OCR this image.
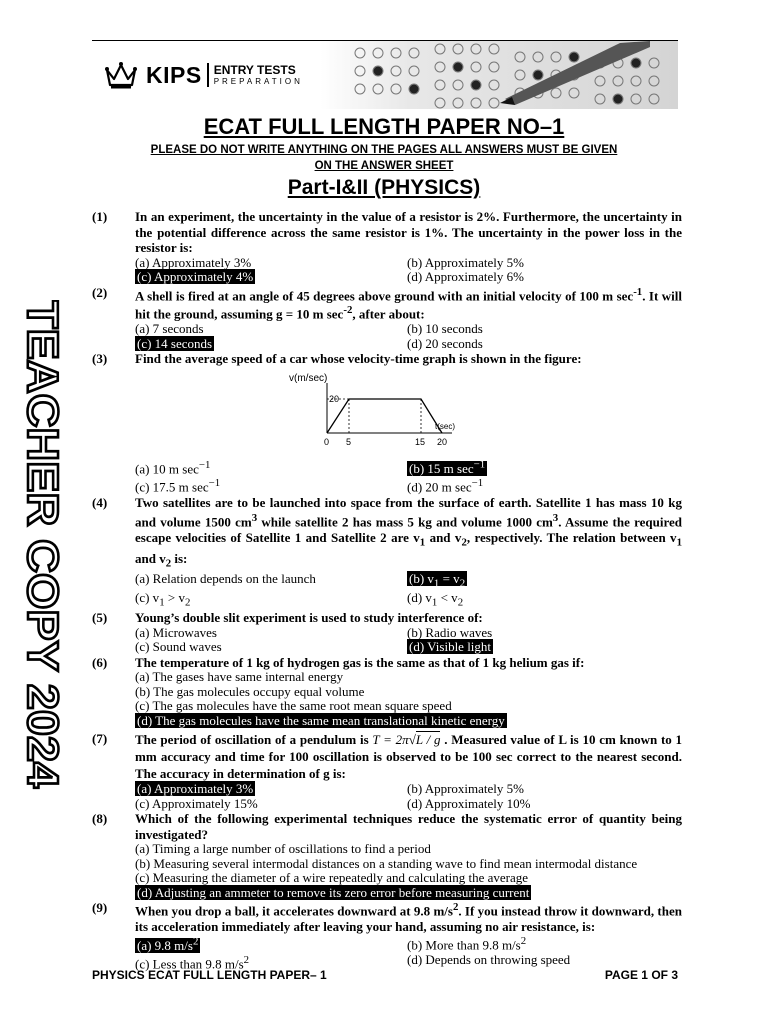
KIPS ENTRY TESTS
PREPARATION
ECAT FULL LENGTH PAPER NO–1
PLEASE DO NOT WRITE ANYTHING ON THE PAGES ALL ANSWERS MUST BE GIVEN
ON THE ANSWER SHEET
Part-I&II (PHYSICS)
TEACHER COPY 2024
(1) In an experiment, the uncertainty in the value of a resistor is 2%. Furthermore, the uncertainty in the potential difference across the same resistor is 1%. The uncertainty in the power loss in the resistor is:
(a) Approximately 3%	(b) Approximately 5%
(c) Approximately 4%	(d) Approximately 6%
(2) A shell is fired at an angle of 45 degrees above ground with an initial velocity of 100 m $\sec^{-1}$. It will hit the ground, assuming g = 10 m $\sec^{-2}$, after about:
(a) 7 seconds	(b) 10 seconds
(c) 14 seconds	(d) 20 seconds
(3) Find the average speed of a car whose velocity-time graph is shown in the figure:
v(m/sec)
20
0 5	15 20
t(sec)
(a) 10 m $\sec^{-1}$	(b) 15 m $\sec^{-1}$
(c) 17.5 m $\sec^{-1}$	(d) 20 m $\sec^{-1}$
(4) Two satellites are to be launched into space from the surface of earth. Satellite 1 has mass 10 kg and volume 1500 $cm^3$ while satellite 2 has mass 5 kg and volume 1000 $cm^3$. Assume the required escape velocities of Satellite 1 and Satellite 2 are $v_1$ and $v_2$, respectively. The relation between $v_1$ and $v_2$ is:
(a) Relation depends on the launch	(b) $v_1 = v_2$
(c) $v_1 > v_2$	(d) $v_1 < v_2$
(5) Young’s double slit experiment is used to study interference of:
(a) Microwaves	(b) Radio waves
(c) Sound waves	(d) Visible light
(6) The temperature of 1 kg of hydrogen gas is the same as that of 1 kg helium gas if:
(a) The gases have same internal energy
(b) The gas molecules occupy equal volume
(c) The gas molecules have the same root mean square speed
(d) The gas molecules have the same mean translational kinetic energy
(7) The period of oscillation of a pendulum is T = 2π√L / g . Measured value of L is 10 cm known to 1 mm accuracy and time for 100 oscillation is observed to be 100 sec correct to the nearest second. The accuracy in determination of g is:
(a) Approximately 3%	(b) Approximately 5%
(c) Approximately 15%	(d) Approximately 10%
(8) Which of the following experimental techniques reduce the systematic error of quantity being investigated?
(a) Timing a large number of oscillations to find a period
(b) Measuring several intermodal distances on a standing wave to find mean intermodal distance
(c) Measuring the diameter of a wire repeatedly and calculating the average
(d) Adjusting an ammeter to remove its zero error before measuring current
(9) When you drop a ball, it accelerates downward at 9.8 $m/s^2$. If you instead throw it downward, then its acceleration immediately after leaving your hand, assuming no air resistance, is:
(a) 9.8 $m/s^2$	(b) More than 9.8 $m/s^2$
(c) Less than 9.8 $m/s^2$	(d) Depends on throwing speed
PHYSICS ECAT FULL LENGTH PAPER– 1	PAGE 1 OF 3
